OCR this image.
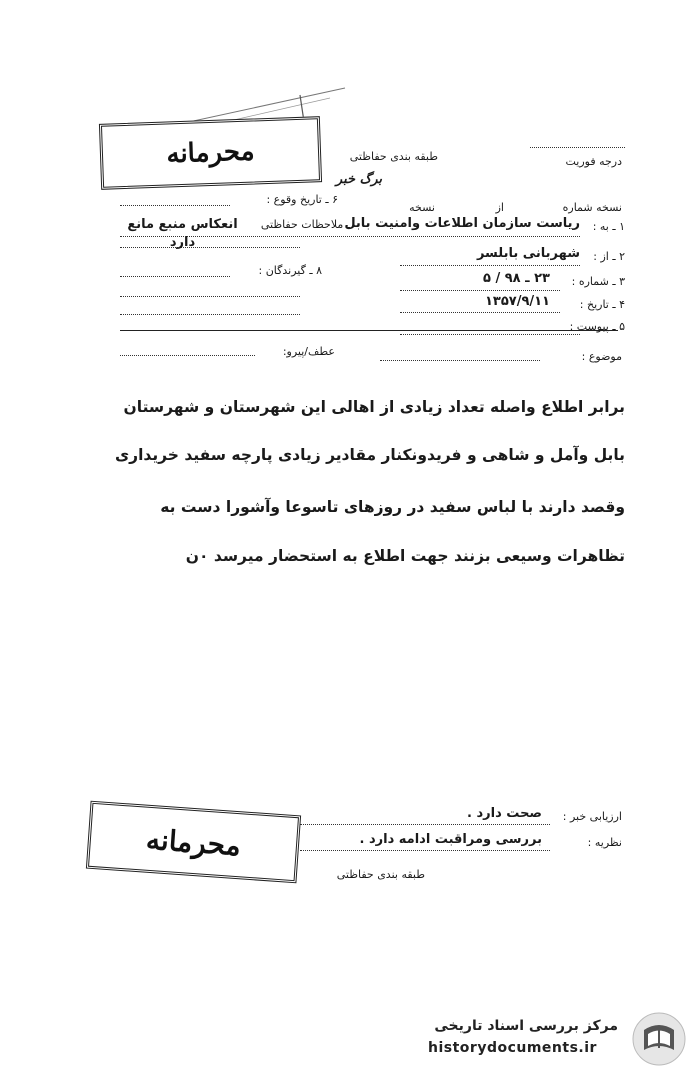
محرمانه	طبقه بندی حفاظتی
برگ خبر
درجه فوریت
نسخه شماره
از
نسخه
۶ ـ تاریخ وقوع :
۸ ـ گیرندگان :
۱ ـ به :
ریاست سازمان اطلاعات وامنیت بابل
ـ ملاحظات حفاظتی
انعکاس منبع مانع دارد
۲ ـ از :
شهربانی بابلسر
۳ ـ شماره :
۲۳ ـ ۹۸ / ۵
۴ ـ تاریخ :
۱۳۵۷/۹/۱۱
۵ ـ پیوست :
عطف/پیرو:	موضوع :
برابر اطلاع واصله تعداد زیادی از اهالی این شهرستان و شهرستان
بابل وآمل و شاهی و فریدونکنار مقادیر زیادی پارچه سفید خریداری
وقصد دارند با لباس سفید در روزهای تاسوعا وآشورا دست به
تظاهرات وسیعی بزنند جهت اطلاع به استحضار میرسد ۰ن
ارزیابی خبر :
صحت دارد .
نظریه :
بررسی ومراقبت ادامه دارد .
طبقه بندی حفاظتی
محرمانه
مرکز بررسی اسناد تاریخی
historydocuments.ir
